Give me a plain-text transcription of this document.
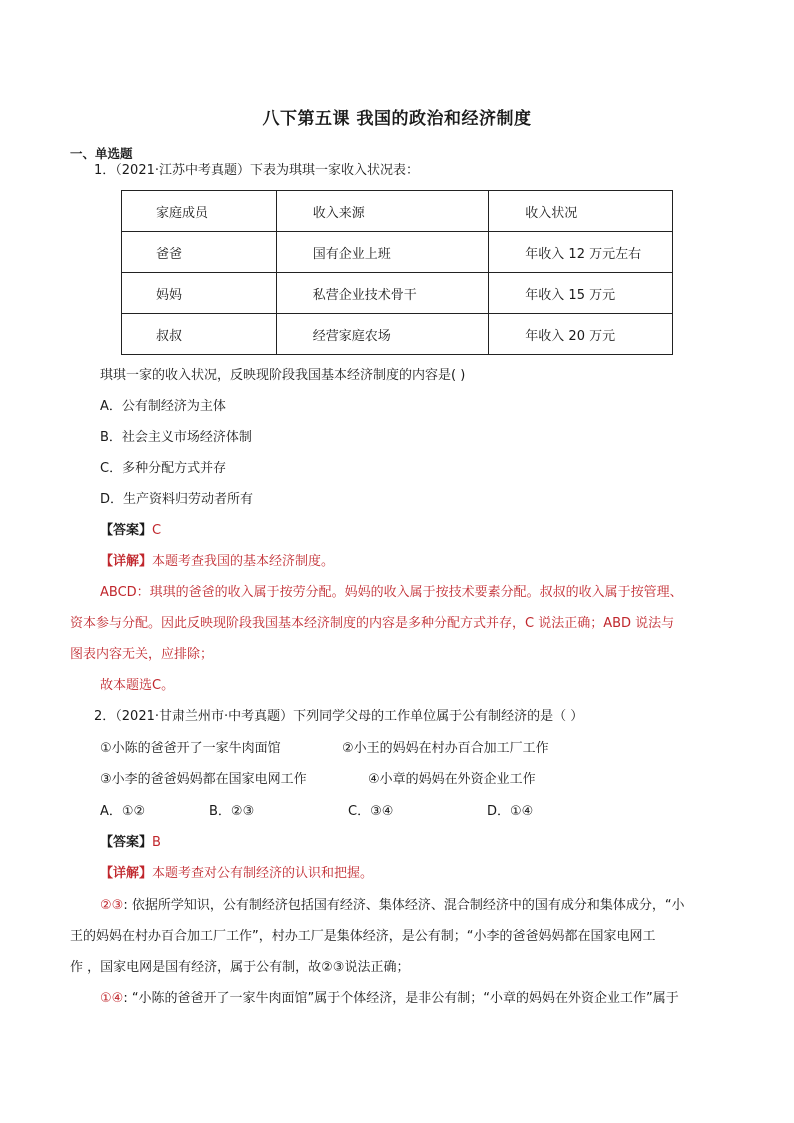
八下第五课 我国的政治和经济制度
一、单选题
1．（2021·江苏中考真题）下表为琪琪一家收入状况表：
家庭成员	收入来源	收入状况
爸爸	国有企业上班	年收入 12 万元左右
妈妈	私营企业技术骨干	年收入 15 万元
叔叔	经营家庭农场	年收入 20 万元
琪琪一家的收入状况，反映现阶段我国基本经济制度的内容是( )
A．公有制经济为主体
B．社会主义市场经济体制
C．多种分配方式并存
D．生产资料归劳动者所有
【答案】C
【详解】本题考查我国的基本经济制度。
ABCD：琪琪的爸爸的收入属于按劳分配。妈妈的收入属于按技术要素分配。叔叔的收入属于按管理、
资本参与分配。因此反映现阶段我国基本经济制度的内容是多种分配方式并存，C 说法正确；ABD 说法与
图表内容无关，应排除；
故本题选C。
2．（2021·甘肃兰州市·中考真题）下列同学父母的工作单位属于公有制经济的是（ ）
①小陈的爸爸开了一家牛肉面馆	②小王的妈妈在村办百合加工厂工作
③小李的爸爸妈妈都在国家电网工作	④小章的妈妈在外资企业工作
A．①②	B．②③	C．③④	D．①④
【答案】B
【详解】本题考查对公有制经济的认识和把握。
②③: 依据所学知识，公有制经济包括国有经济、集体经济、混合制经济中的国有成分和集体成分，“小
王的妈妈在村办百合加工厂工作”，村办工厂是集体经济，是公有制；“小李的爸爸妈妈都在国家电网工
作 ，国家电网是国有经济，属于公有制，故②③说法正确；
①④: “小陈的爸爸开了一家牛肉面馆”属于个体经济，是非公有制；“小章的妈妈在外资企业工作”属于
